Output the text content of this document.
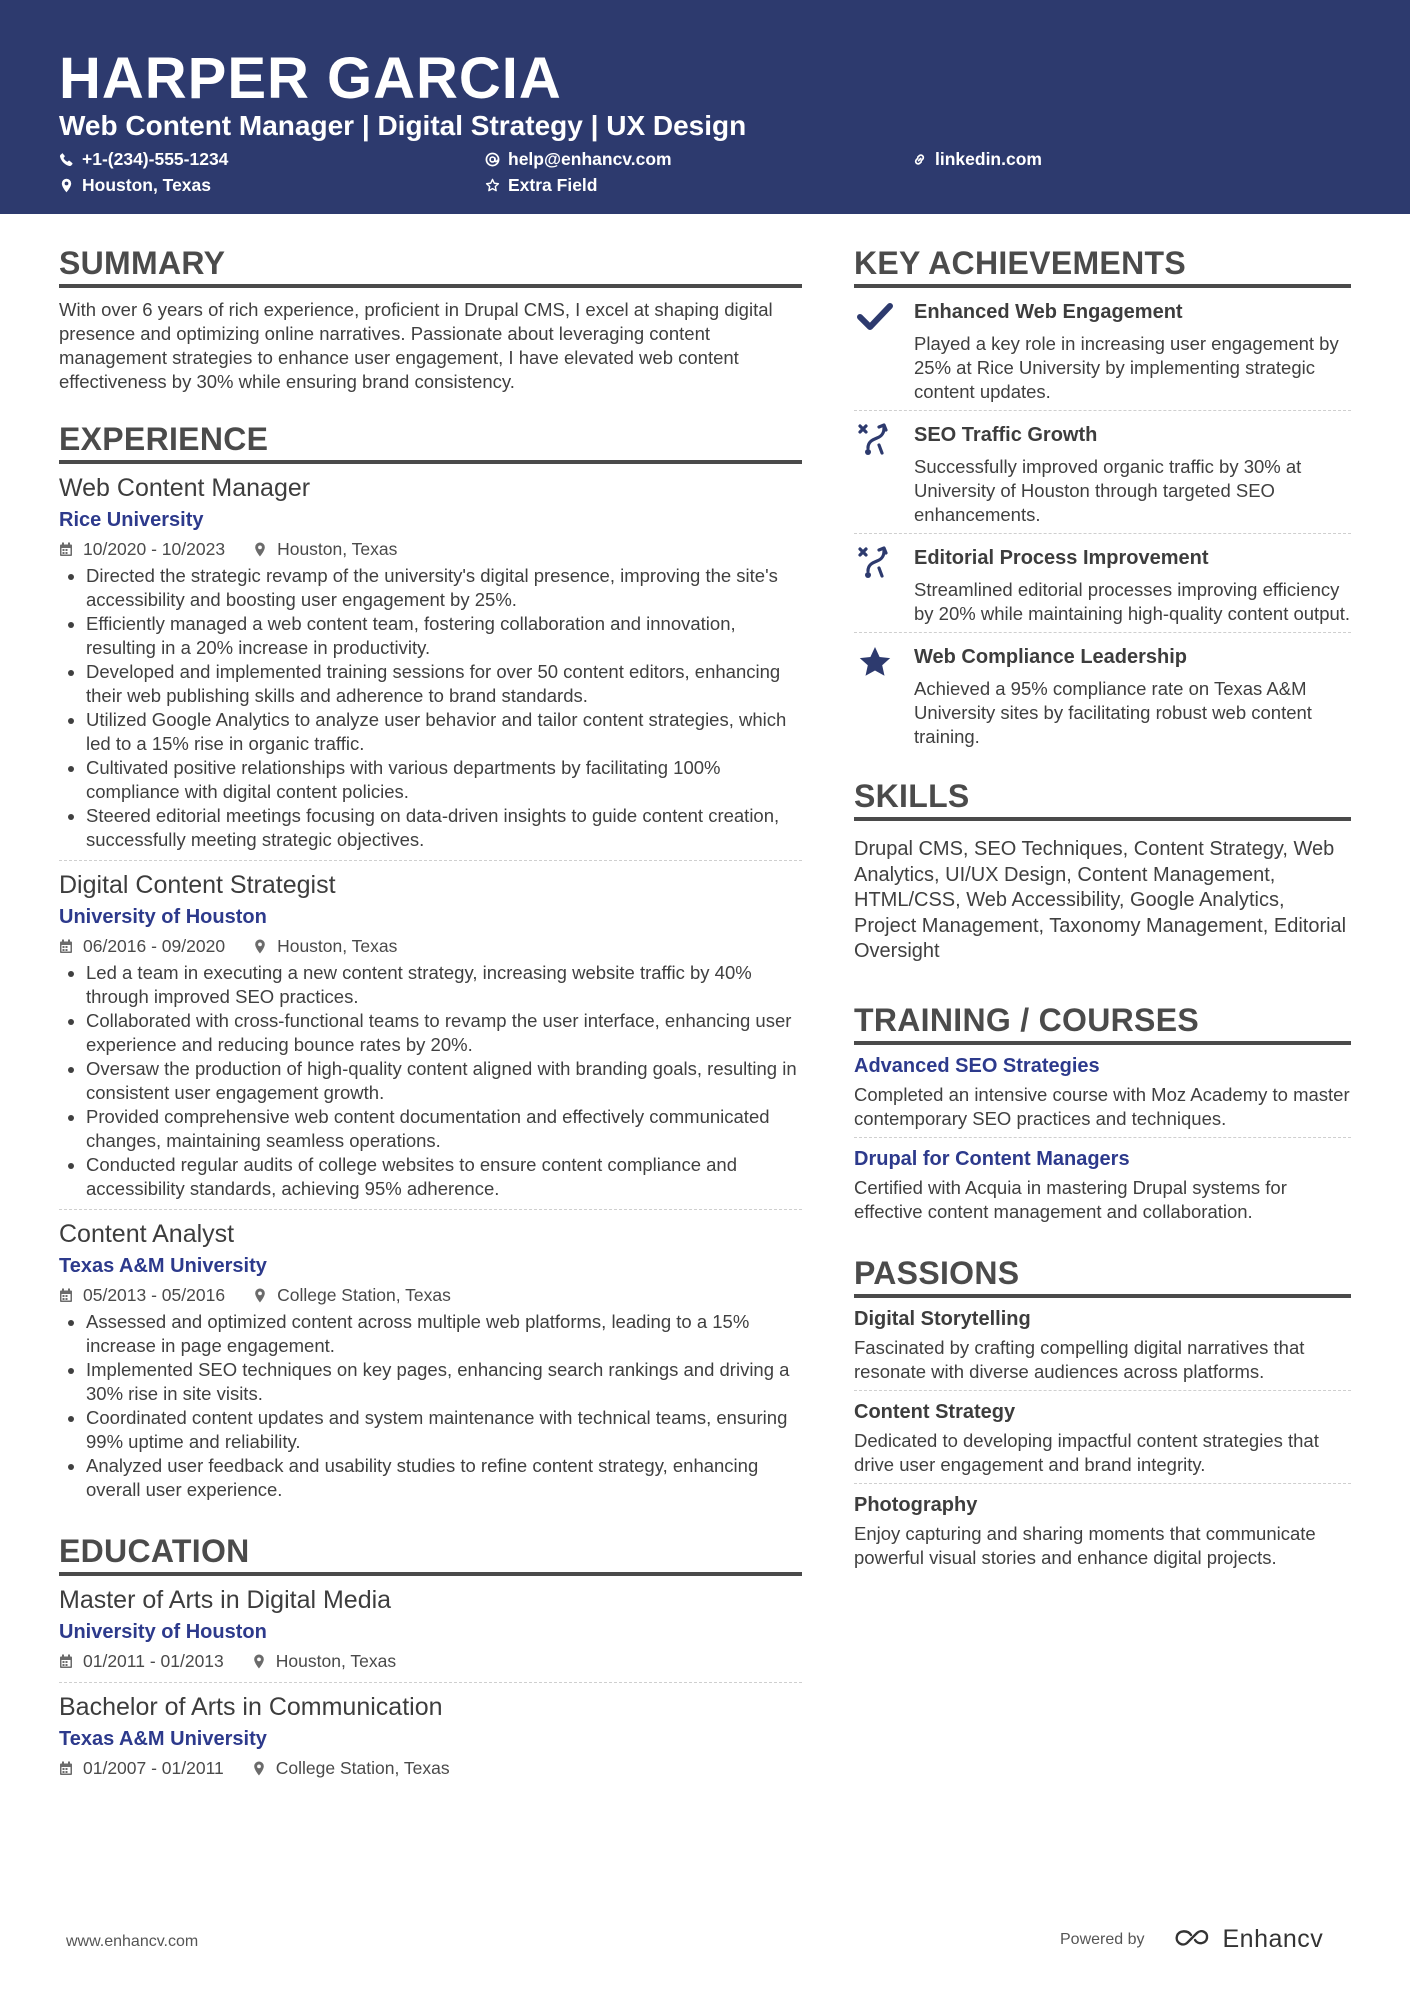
HARPER GARCIA
Web Content Manager | Digital Strategy | UX Design
+1-(234)-555-1234	help@enhancv.com	linkedin.com
Houston, Texas	Extra Field
SUMMARY
With over 6 years of rich experience, proficient in Drupal CMS, I excel at shaping digital presence and optimizing online narratives. Passionate about leveraging content management strategies to enhance user engagement, I have elevated web content effectiveness by 30% while ensuring brand consistency.
EXPERIENCE
Web Content Manager
Rice University
10/2020 - 10/2023	Houston, Texas
• Directed the strategic revamp of the university's digital presence, improving the site's accessibility and boosting user engagement by 25%.
• Efficiently managed a web content team, fostering collaboration and innovation, resulting in a 20% increase in productivity.
• Developed and implemented training sessions for over 50 content editors, enhancing their web publishing skills and adherence to brand standards.
• Utilized Google Analytics to analyze user behavior and tailor content strategies, which led to a 15% rise in organic traffic.
• Cultivated positive relationships with various departments by facilitating 100% compliance with digital content policies.
• Steered editorial meetings focusing on data-driven insights to guide content creation, successfully meeting strategic objectives.
Digital Content Strategist
University of Houston
06/2016 - 09/2020	Houston, Texas
• Led a team in executing a new content strategy, increasing website traffic by 40% through improved SEO practices.
• Collaborated with cross-functional teams to revamp the user interface, enhancing user experience and reducing bounce rates by 20%.
• Oversaw the production of high-quality content aligned with branding goals, resulting in consistent user engagement growth.
• Provided comprehensive web content documentation and effectively communicated changes, maintaining seamless operations.
• Conducted regular audits of college websites to ensure content compliance and accessibility standards, achieving 95% adherence.
Content Analyst
Texas A&M University
05/2013 - 05/2016	College Station, Texas
• Assessed and optimized content across multiple web platforms, leading to a 15% increase in page engagement.
• Implemented SEO techniques on key pages, enhancing search rankings and driving a 30% rise in site visits.
• Coordinated content updates and system maintenance with technical teams, ensuring 99% uptime and reliability.
• Analyzed user feedback and usability studies to refine content strategy, enhancing overall user experience.
EDUCATION
Master of Arts in Digital Media
University of Houston
01/2011 - 01/2013	Houston, Texas
Bachelor of Arts in Communication
Texas A&M University
01/2007 - 01/2011	College Station, Texas
KEY ACHIEVEMENTS
Enhanced Web Engagement
Played a key role in increasing user engagement by 25% at Rice University by implementing strategic content updates.
SEO Traffic Growth
Successfully improved organic traffic by 30% at University of Houston through targeted SEO enhancements.
Editorial Process Improvement
Streamlined editorial processes improving efficiency by 20% while maintaining high-quality content output.
Web Compliance Leadership
Achieved a 95% compliance rate on Texas A&M University sites by facilitating robust web content training.
SKILLS
Drupal CMS, SEO Techniques, Content Strategy, Web Analytics, UI/UX Design, Content Management, HTML/CSS, Web Accessibility, Google Analytics, Project Management, Taxonomy Management, Editorial Oversight
TRAINING / COURSES
Advanced SEO Strategies
Completed an intensive course with Moz Academy to master contemporary SEO practices and techniques.
Drupal for Content Managers
Certified with Acquia in mastering Drupal systems for effective content management and collaboration.
PASSIONS
Digital Storytelling
Fascinated by crafting compelling digital narratives that resonate with diverse audiences across platforms.
Content Strategy
Dedicated to developing impactful content strategies that drive user engagement and brand integrity.
Photography
Enjoy capturing and sharing moments that communicate powerful visual stories and enhance digital projects.
www.enhancv.com	Powered by	Enhancv
